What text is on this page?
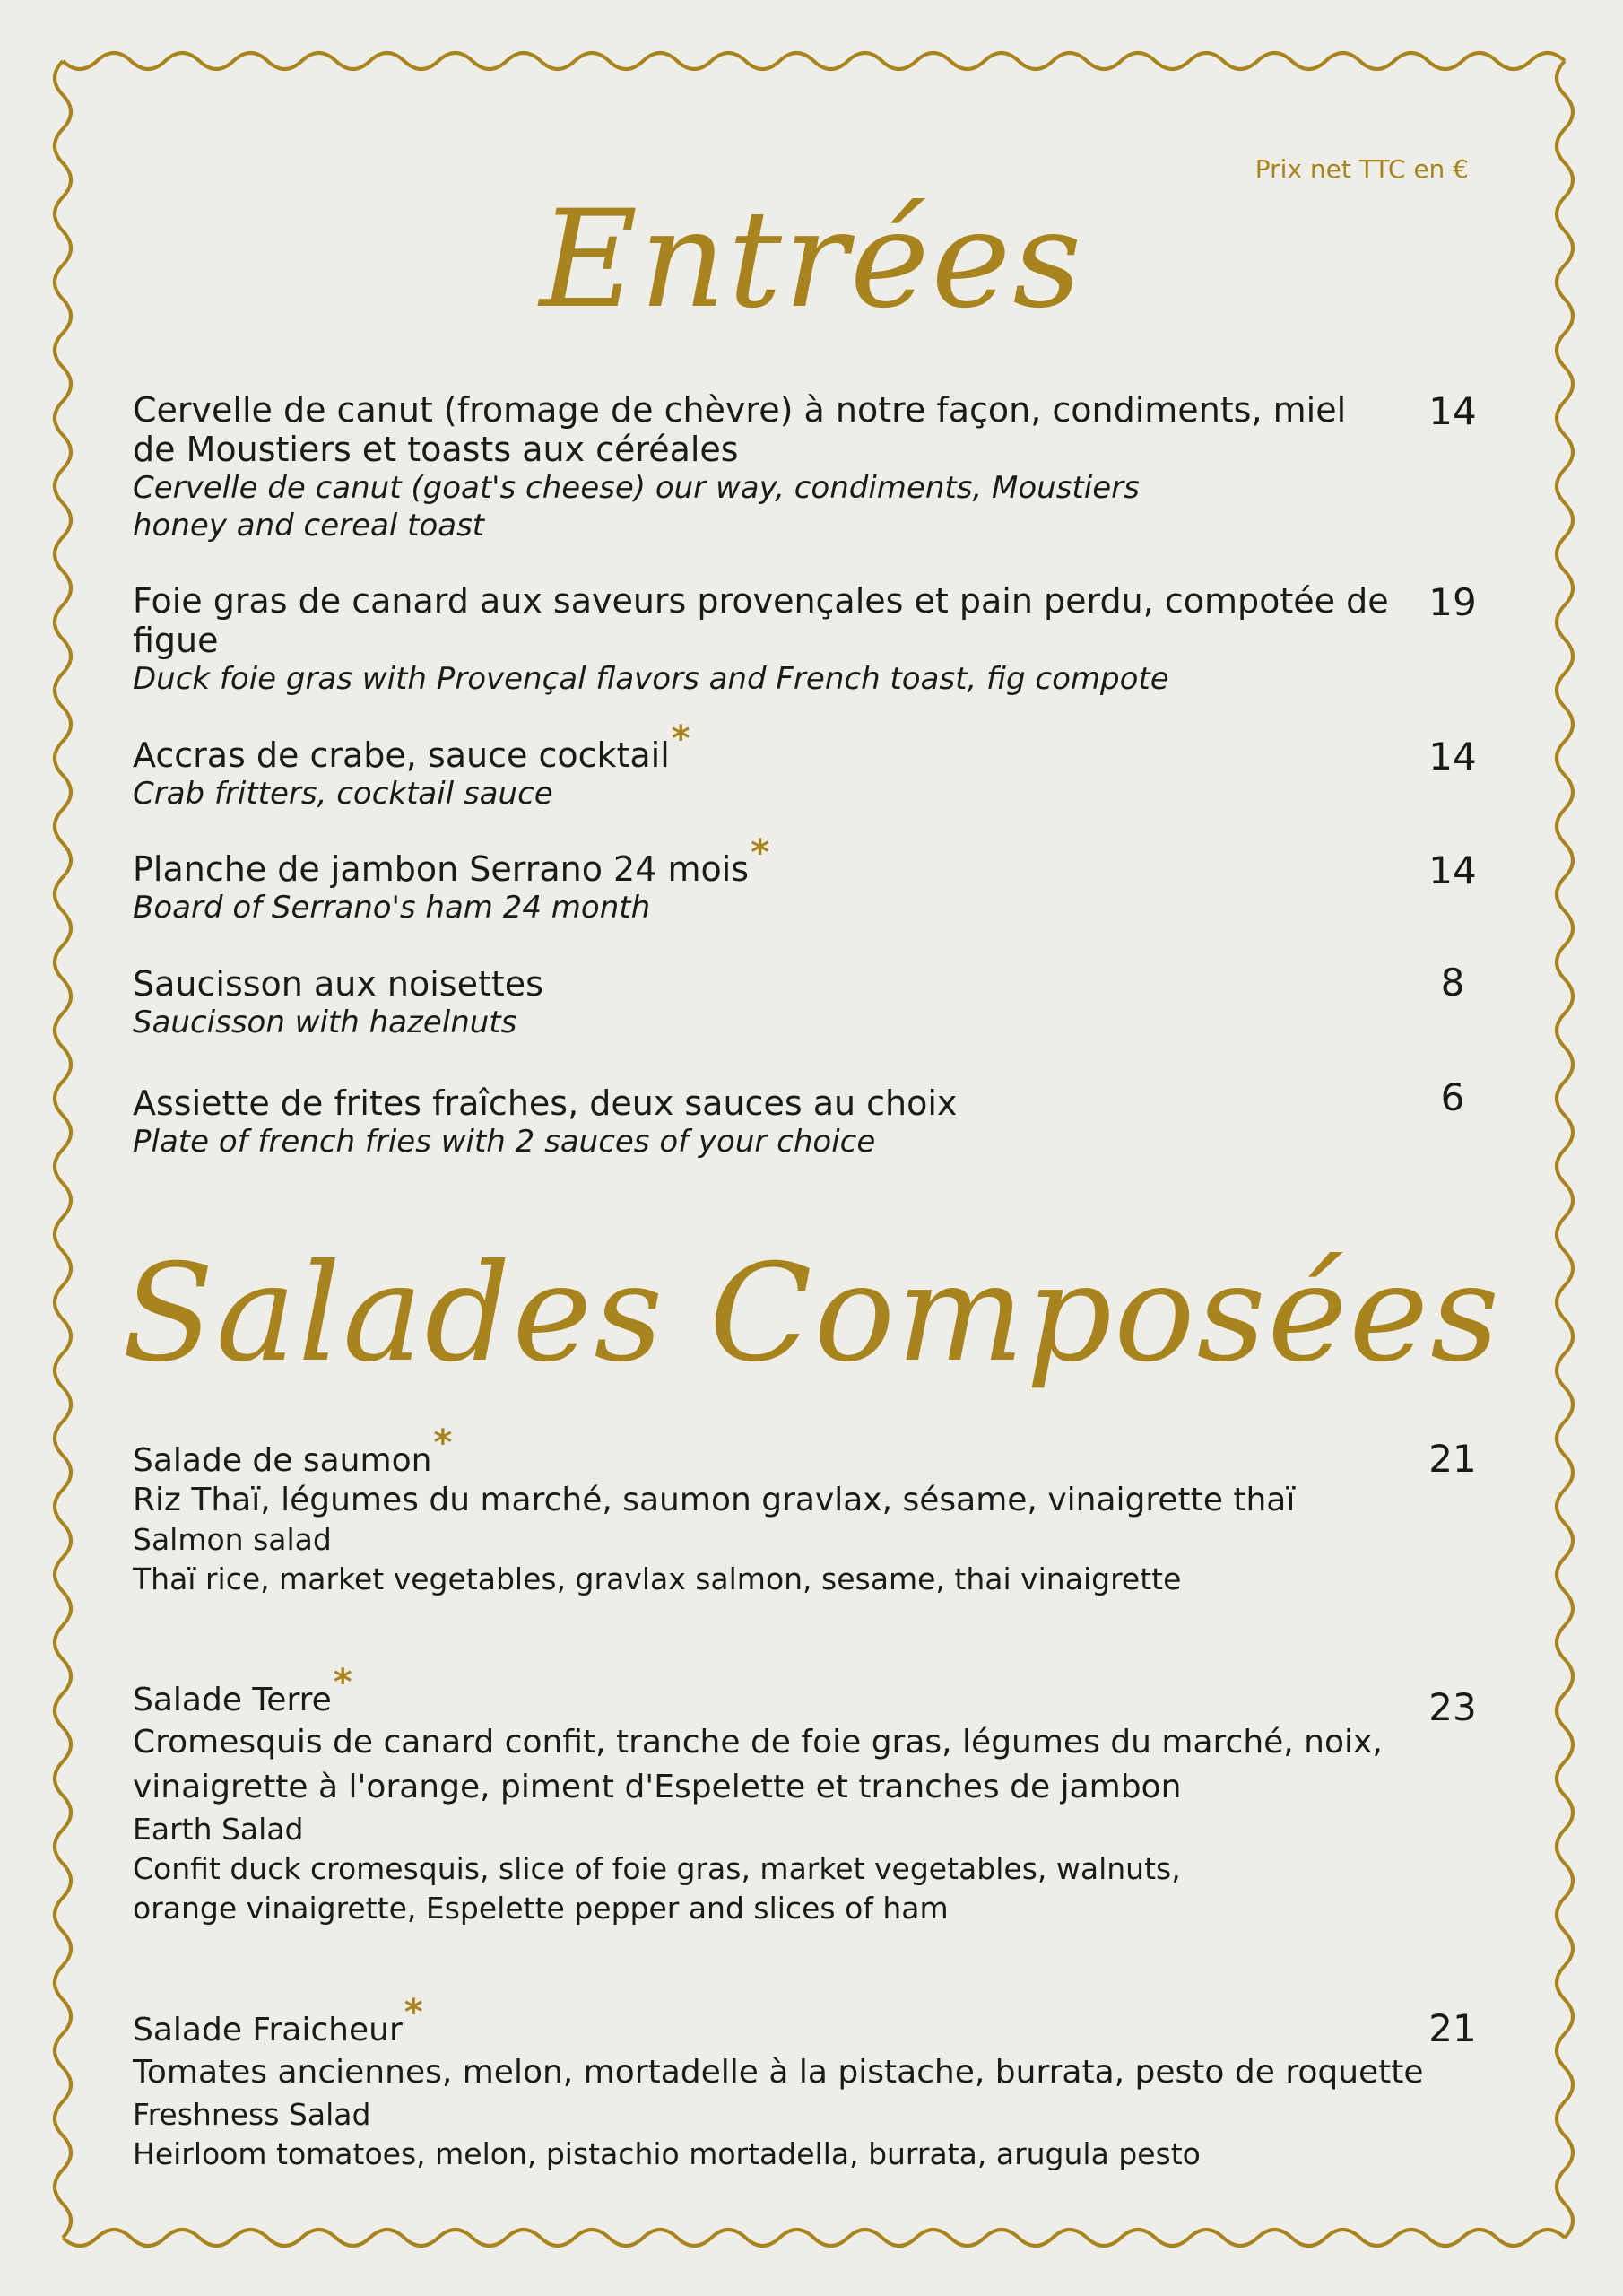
Prix net TTC en €
Entrées
Cervelle de canut (fromage de chèvre) à notre façon, condiments, miel de Moustiers et toasts aux céréales
Cervelle de canut (goat's cheese) our way, condiments, Moustiers honey and cereal toast
14
Foie gras de canard aux saveurs provençales et pain perdu, compotée de figue
Duck foie gras with Provençal flavors and French toast, fig compote
19
Accras de crabe, sauce cocktail*
Crab fritters, cocktail sauce
14
Planche de jambon Serrano 24 mois*
Board of Serrano's ham 24 month
14
Saucisson aux noisettes
Saucisson with hazelnuts
8
Assiette de frites fraîches, deux sauces au choix
Plate of french fries with 2 sauces of your choice
6
Salades Composées
Salade de saumon*
Riz Thaï, légumes du marché, saumon gravlax, sésame, vinaigrette thaï
Salmon salad
Thaï rice, market vegetables, gravlax salmon, sesame, thai vinaigrette
21
Salade Terre*
Cromesquis de canard confit, tranche de foie gras, légumes du marché, noix, vinaigrette à l'orange, piment d'Espelette et tranches de jambon
Earth Salad
Confit duck cromesquis, slice of foie gras, market vegetables, walnuts, orange vinaigrette, Espelette pepper and slices of ham
23
Salade Fraicheur*
Tomates anciennes, melon, mortadelle à la pistache, burrata, pesto de roquette
Freshness Salad
Heirloom tomatoes, melon, pistachio mortadella, burrata, arugula pesto
21
